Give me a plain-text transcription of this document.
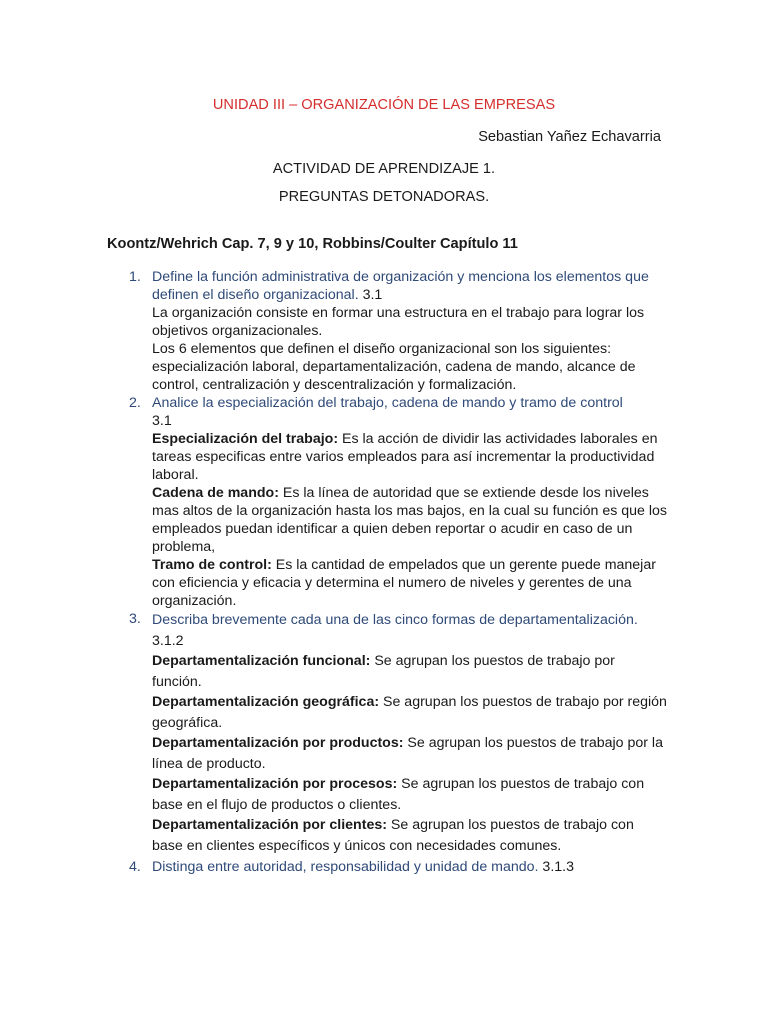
UNIDAD III – ORGANIZACIÓN DE LAS EMPRESAS
Sebastian Yañez Echavarria
ACTIVIDAD DE APRENDIZAJE 1.
PREGUNTAS DETONADORAS.
Koontz/Wehrich Cap. 7, 9 y 10, Robbins/Coulter Capítulo 11
1. Define la función administrativa de organización y menciona los elementos que definen el diseño organizacional. 3.1
La organización consiste en formar una estructura en el trabajo para lograr los objetivos organizacionales.
Los 6 elementos que definen el diseño organizacional son los siguientes: especialización laboral, departamentalización, cadena de mando, alcance de control, centralización y descentralización y formalización.
2. Analice la especialización del trabajo, cadena de mando y tramo de control
3.1
Especialización del trabajo: Es la acción de dividir las actividades laborales en tareas especificas entre varios empleados para así incrementar la productividad laboral.
Cadena de mando: Es la línea de autoridad que se extiende desde los niveles mas altos de la organización hasta los mas bajos, en la cual su función es que los empleados puedan identificar a quien deben reportar o acudir en caso de un problema,
Tramo de control: Es la cantidad de empelados que un gerente puede manejar con eficiencia y eficacia y determina el numero de niveles y gerentes de una organización.
3. Describa brevemente cada una de las cinco formas de departamentalización. 3.1.2
Departamentalización funcional: Se agrupan los puestos de trabajo por función.
Departamentalización geográfica: Se agrupan los puestos de trabajo por región geográfica.
Departamentalización por productos: Se agrupan los puestos de trabajo por la línea de producto.
Departamentalización por procesos: Se agrupan los puestos de trabajo con base en el flujo de productos o clientes.
Departamentalización por clientes: Se agrupan los puestos de trabajo con base en clientes específicos y únicos con necesidades comunes.
4. Distinga entre autoridad, responsabilidad y unidad de mando. 3.1.3
